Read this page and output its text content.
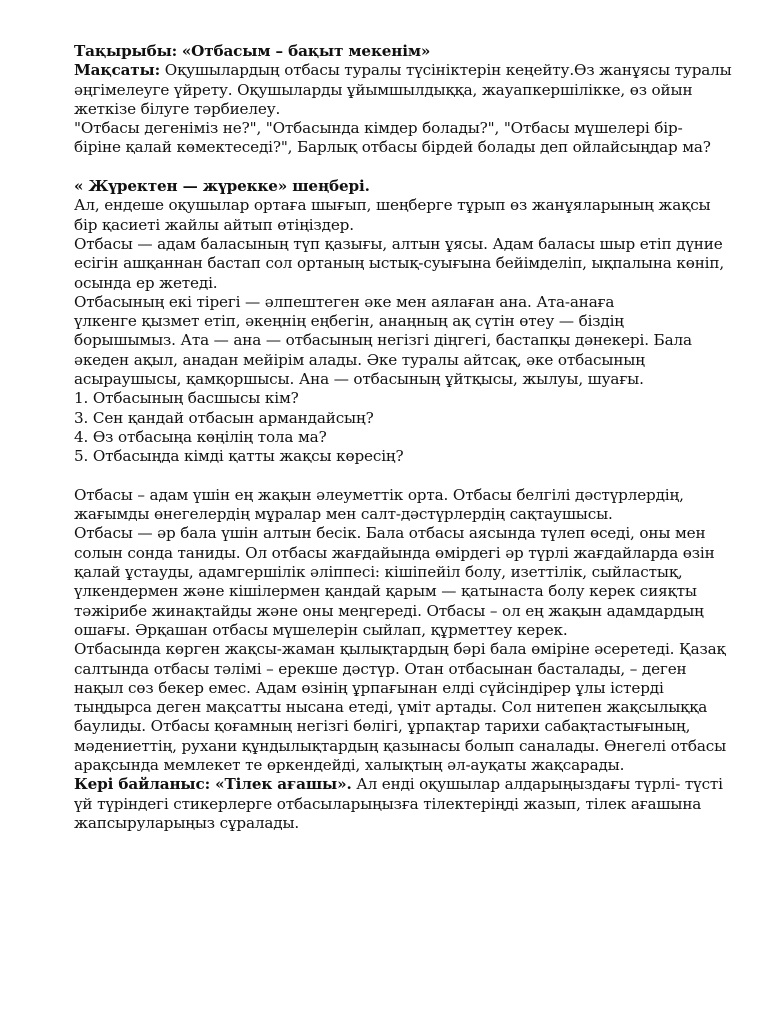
Тақырыбы: «Отбасым – бақыт мекенім»
Мақсаты: Оқушылардың отбасы туралы түсініктерін кеңейту.Өз жанұясы туралы
әңгімелеуге үйрету. Оқушыларды ұйымшылдыққа, жауапкершілікке, өз ойын
жеткізе білуге тәрбиелеу.
"Отбасы дегеніміз не?", "Отбасында кімдер болады?", "Отбасы мүшелері бір-
біріне қалай көмектеседі?", Барлық отбасы бірдей болады деп ойлайсыңдар ма?
« Жүректен — жүрекке» шеңбері.
Ал, ендеше оқушылар ортаға шығып, шеңберге тұрып өз жанұяларының жақсы
бір қасиеті жайлы айтып өтіңіздер.
Отбасы — адам баласының түп қазығы, алтын ұясы. Адам баласы шыр етіп дүние
есігін ашқаннан бастап сол ортаның ыстық-суығына бейімделіп, ықпалына көніп,
осында ер жетеді.
Отбасының екі тірегі — әлпештеген әке мен аялаған ана. Ата-анаға
үлкенге қызмет етіп, әкеңнің еңбегін, анаңның ақ сүтін өтеу — біздің
борышымыз. Ата — ана — отбасының негізгі діңгегі, бастапқы дәнекері. Бала
әкеден ақыл, анадан мейірім алады. Әке туралы айтсақ, әке отбасының
асыраушысы, қамқоршысы. Ана — отбасының ұйтқысы, жылуы, шуағы.
1. Отбасының басшысы кім?
3. Сен қандай отбасын армандайсың?
4. Өз отбасыңа көңілің тола ма?
5. Отбасыңда кімді қатты жақсы көресің?
Отбасы – адам үшін ең жақын әлеуметтік орта. Отбасы белгілі дәстүрлердің,
жағымды өнегелердің мұралар мен салт-дәстүрлердің сақтаушысы.
Отбасы — әр бала үшін алтын бесік. Бала отбасы аясында түлеп өседі, оны мен
солын сонда таниды. Ол отбасы жағдайында өмірдегі әр түрлі жағдайларда өзін
қалай ұстауды, адамгершілік әліппесі: кішіпейіл болу, изеттілік, сыйластық,
үлкендермен және кішілермен қандай қарым — қатынаста болу керек сияқты
тәжірибе жинақтайды және оны меңгереді. Отбасы – ол ең жақын адамдардың
ошағы. Әрқашан отбасы мүшелерін сыйлап, құрметтеу керек.
Отбасында көрген жақсы-жаман қылықтардың бәрі бала өміріне әсеретеді. Қазақ
салтында отбасы тәлімі – ерекше дәстүр. Отан отбасынан басталады, – деген
нақыл сөз бекер емес. Адам өзінің ұрпағынан елді сүйсіндірер ұлы істерді
тыңдырса деген мақсатты нысана етеді, үміт артады. Сол нитепен жақсылыққа
баулиды. Отбасы қоғамның негізгі бөлігі, ұрпақтар тарихи сабақтастығының,
мәдениеттің, рухани құндылықтардың қазынасы болып саналады. Өнегелі отбасы
арақсында мемлекет те өркендейді, халықтың әл-ауқаты жақсарады.
Кері байланыс: «Тілек ағашы». Ал енді оқушылар алдарыңыздағы түрлі- түсті
үй түріндегі стикерлерге отбасыларыңызға тілектеріңді жазып, тілек ағашына
жапсыруларыңыз сұралады.
